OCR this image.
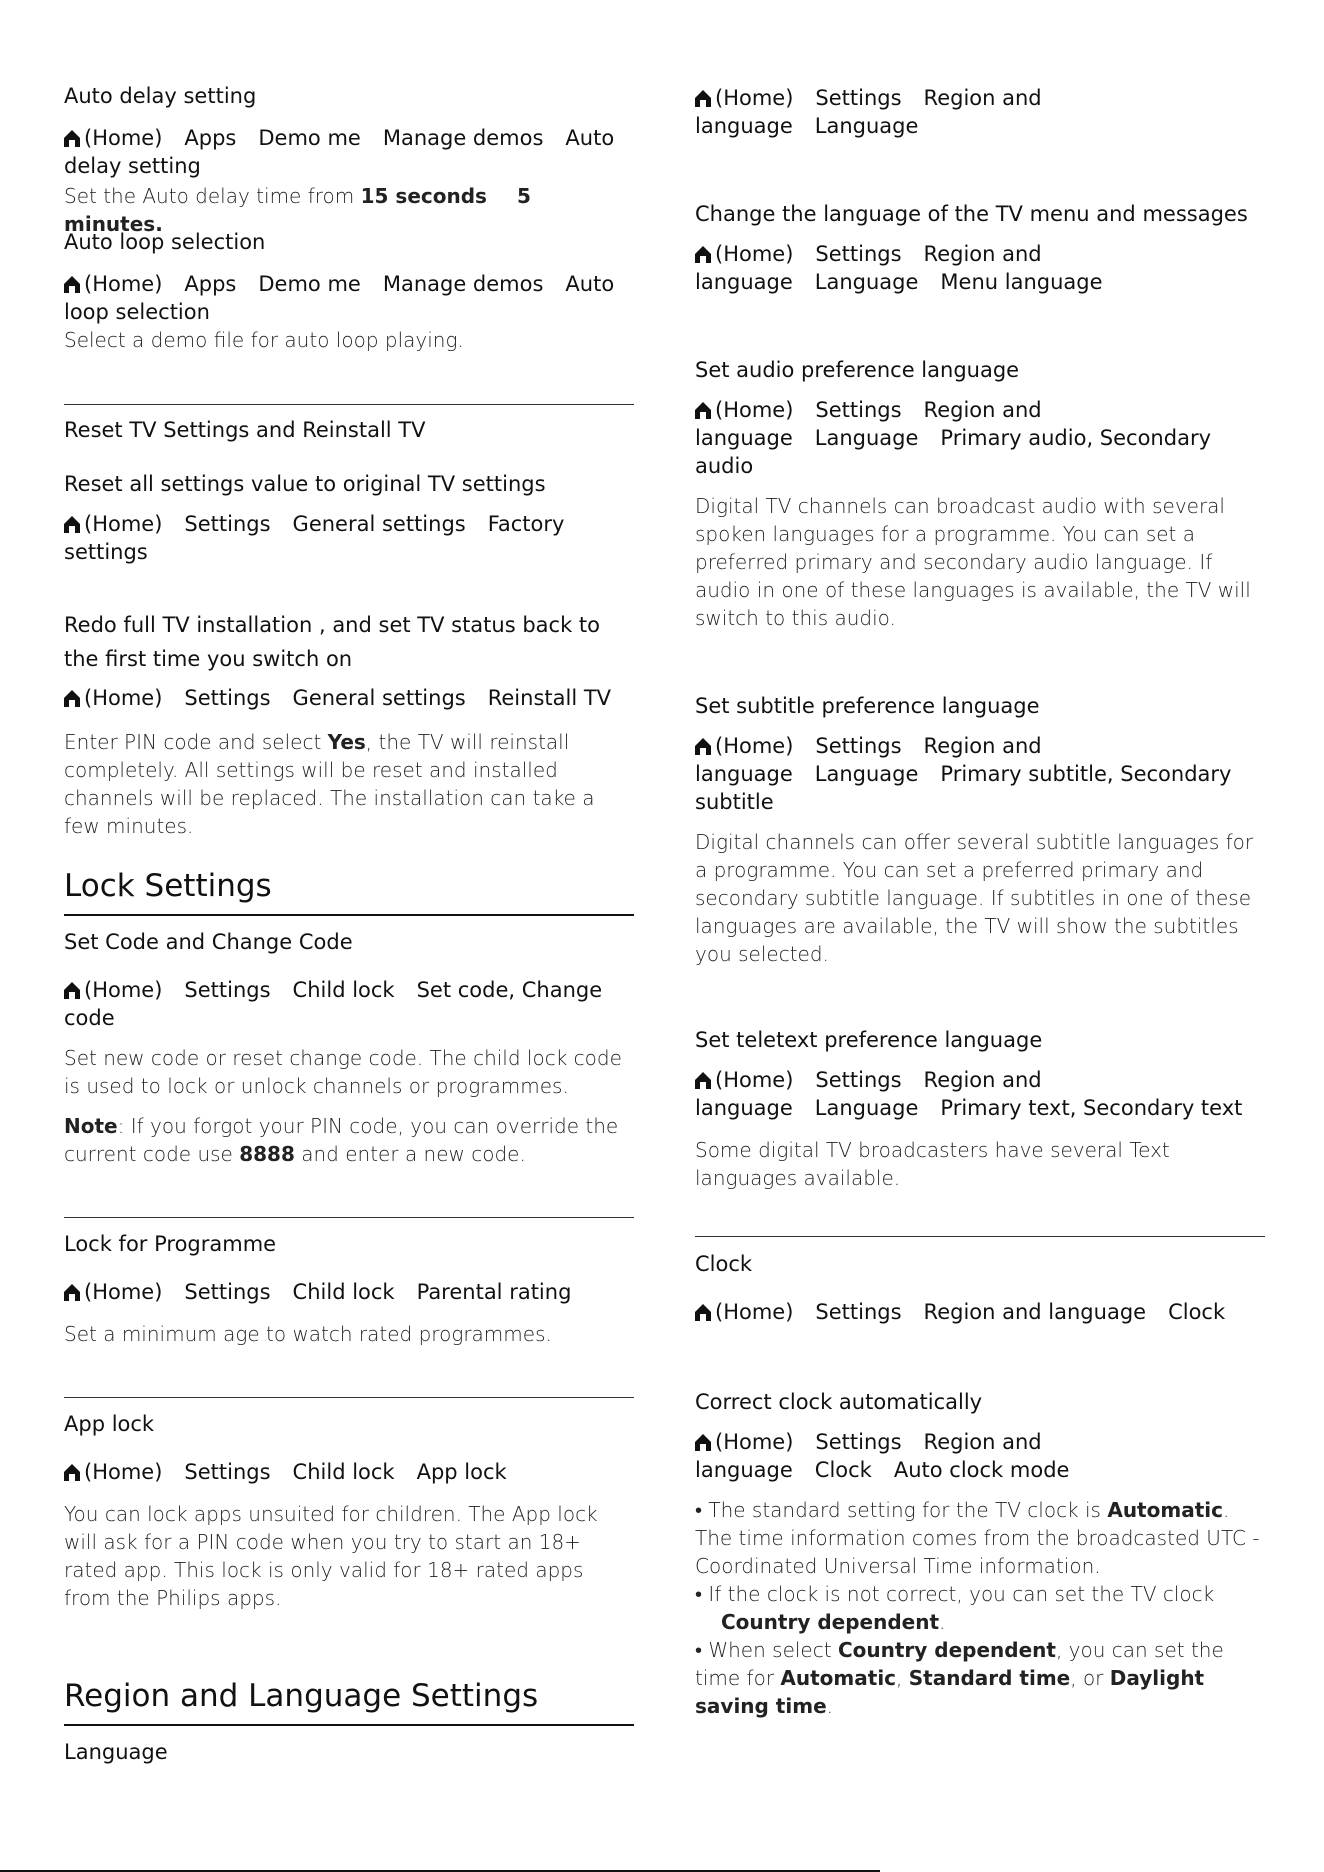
Auto delay setting
(Home) Apps Demo me Manage demos Auto delay setting
Set the Auto delay time from 15 seconds 5 minutes.
Auto loop selection
(Home) Apps Demo me Manage demos Auto loop selection
Select a demo file for auto loop playing.
Reset TV Settings and Reinstall TV
Reset all settings value to original TV settings
(Home) Settings General settings Factory settings
Redo full TV installation , and set TV status back to the first time you switch on
(Home) Settings General settings Reinstall TV
Enter PIN code and select Yes, the TV will reinstall completely. All settings will be reset and installed channels will be replaced. The installation can take a few minutes.
Lock Settings
Set Code and Change Code
(Home) Settings Child lock Set code, Change code
Set new code or reset change code. The child lock code is used to lock or unlock channels or programmes.
Note: If you forgot your PIN code, you can override the current code use 8888 and enter a new code.
Lock for Programme
(Home) Settings Child lock Parental rating
Set a minimum age to watch rated programmes.
App lock
(Home) Settings Child lock App lock
You can lock apps unsuited for children. The App lock will ask for a PIN code when you try to start an 18+ rated app. This lock is only valid for 18+ rated apps from the Philips apps.
Region and Language Settings
Language
(Home) Settings Region and language Language
Change the language of the TV menu and messages
(Home) Settings Region and language Language Menu language
Set audio preference language
(Home) Settings Region and language Language Primary audio, Secondary audio
Digital TV channels can broadcast audio with several spoken languages for a programme. You can set a preferred primary and secondary audio language. If audio in one of these languages is available, the TV will switch to this audio.
Set subtitle preference language
(Home) Settings Region and language Language Primary subtitle, Secondary subtitle
Digital channels can offer several subtitle languages for a programme. You can set a preferred primary and secondary subtitle language. If subtitles in one of these languages are available, the TV will show the subtitles you selected.
Set teletext preference language
(Home) Settings Region and language Language Primary text, Secondary text
Some digital TV broadcasters have several Text languages available.
Clock
(Home) Settings Region and language Clock
Correct clock automatically
(Home) Settings Region and language Clock Auto clock mode
• The standard setting for the TV clock is Automatic. The time information comes from the broadcasted UTC - Coordinated Universal Time information.
• If the clock is not correct, you can set the TV clock
Country dependent.
• When select Country dependent, you can set the time for Automatic, Standard time, or Daylight saving time.
